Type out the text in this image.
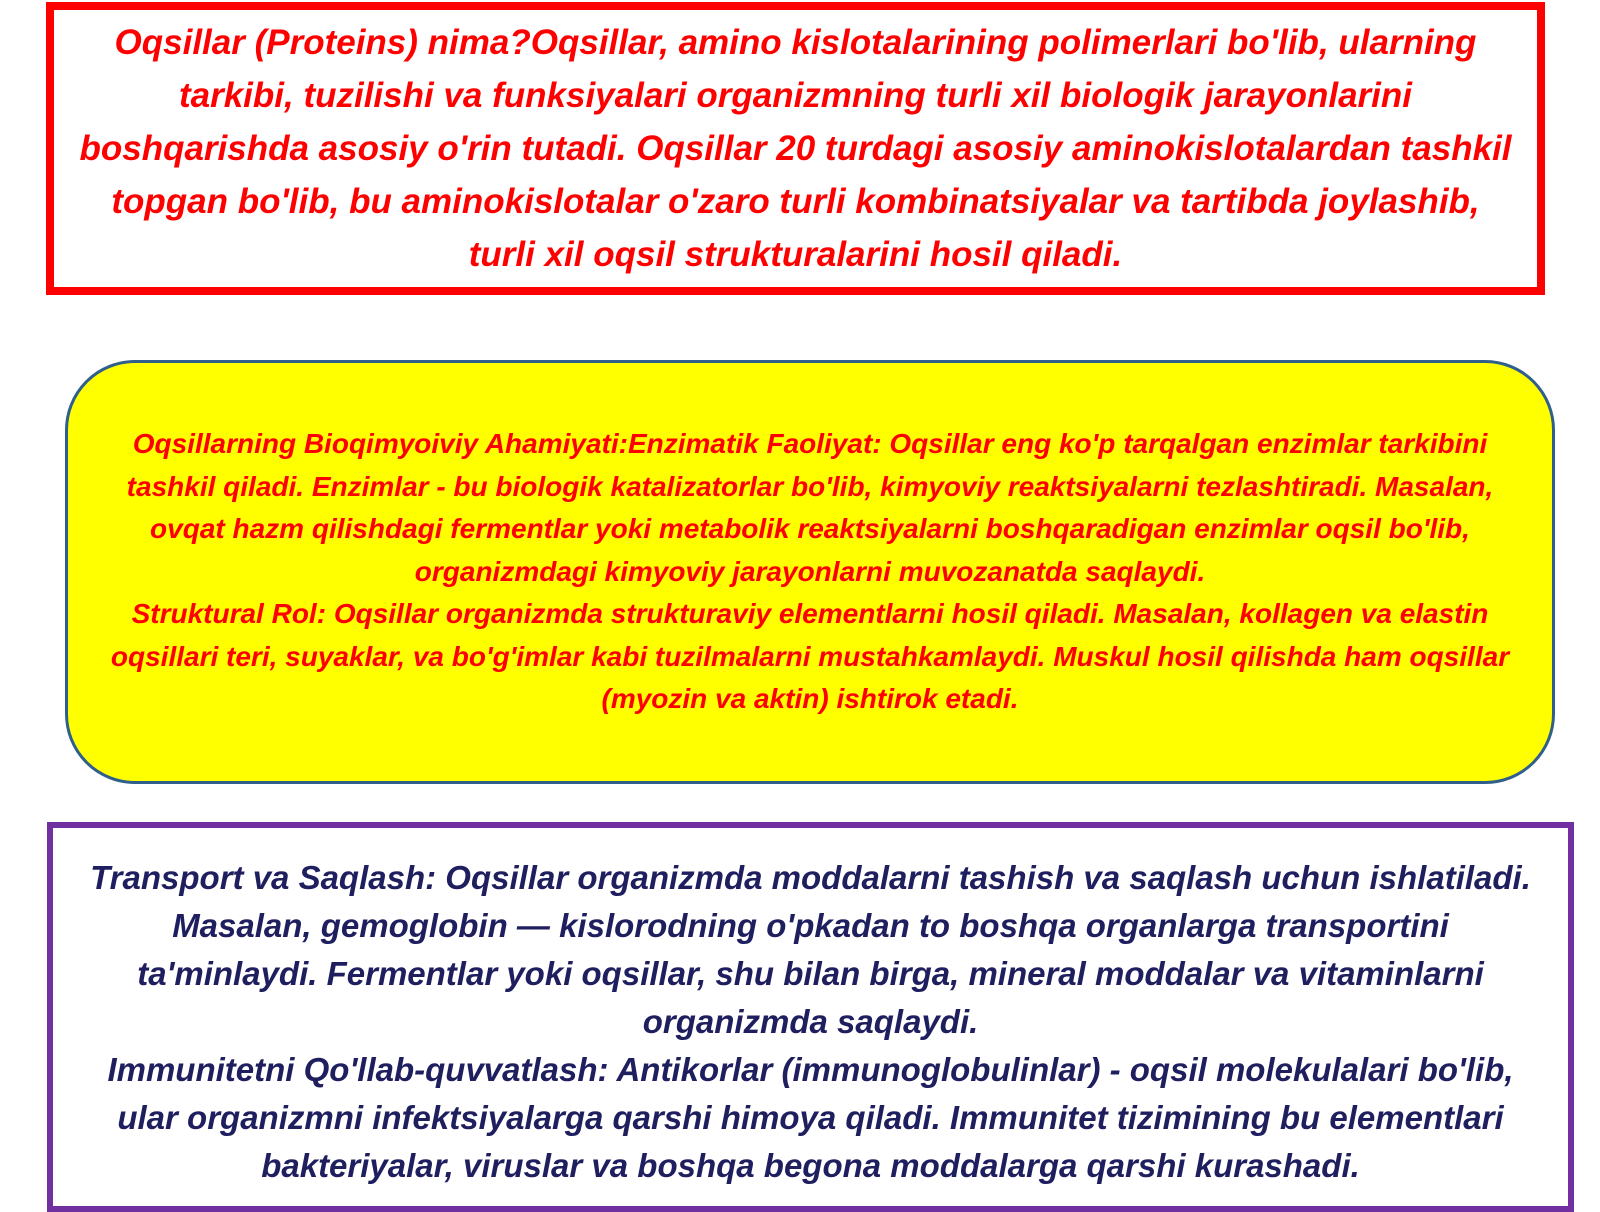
Oqsillar (Proteins) nima?Oqsillar, amino kislotalarining polimerlari bo'lib, ularning tarkibi, tuzilishi va funksiyalari organizmning turli xil biologik jarayonlarini boshqarishda asosiy o'rin tutadi. Oqsillar 20 turdagi asosiy aminokislotalardan tashkil topgan bo'lib, bu aminokislotalar o'zaro turli kombinatsiyalar va tartibda joylashib, turli xil oqsil strukturalarini hosil qiladi.

Oqsillarning Bioqimyoiviy Ahamiyati:Enzimatik Faoliyat: Oqsillar eng ko'p tarqalgan enzimlar tarkibini tashkil qiladi. Enzimlar - bu biologik katalizatorlar bo'lib, kimyoviy reaktsiyalarni tezlashtiradi. Masalan, ovqat hazm qilishdagi fermentlar yoki metabolik reaktsiyalarni boshqaradigan enzimlar oqsil bo'lib, organizmdagi kimyoviy jarayonlarni muvozanatda saqlaydi.

Struktural Rol: Oqsillar organizmda strukturaviy elementlarni hosil qiladi. Masalan, kollagen va elastin oqsillari teri, suyaklar, va bo'g'imlar kabi tuzilmalarni mustahkamlaydi. Muskul hosil qilishda ham oqsillar (myozin va aktin) ishtirok etadi.

Transport va Saqlash: Oqsillar organizmda moddalarni tashish va saqlash uchun ishlatiladi. Masalan, gemoglobin — kislorodning o'pkadan to boshqa organlarga transportini ta'minlaydi. Fermentlar yoki oqsillar, shu bilan birga, mineral moddalar va vitaminlarni organizmda saqlaydi.

Immunitetni Qo'llab-quvvatlash: Antikorlar (immunoglobulinlar) - oqsil molekulalari bo'lib, ular organizmni infektsiyalarga qarshi himoya qiladi. Immunitet tizimining bu elementlari bakteriyalar, viruslar va boshqa begona moddalarga qarshi kurashadi.
